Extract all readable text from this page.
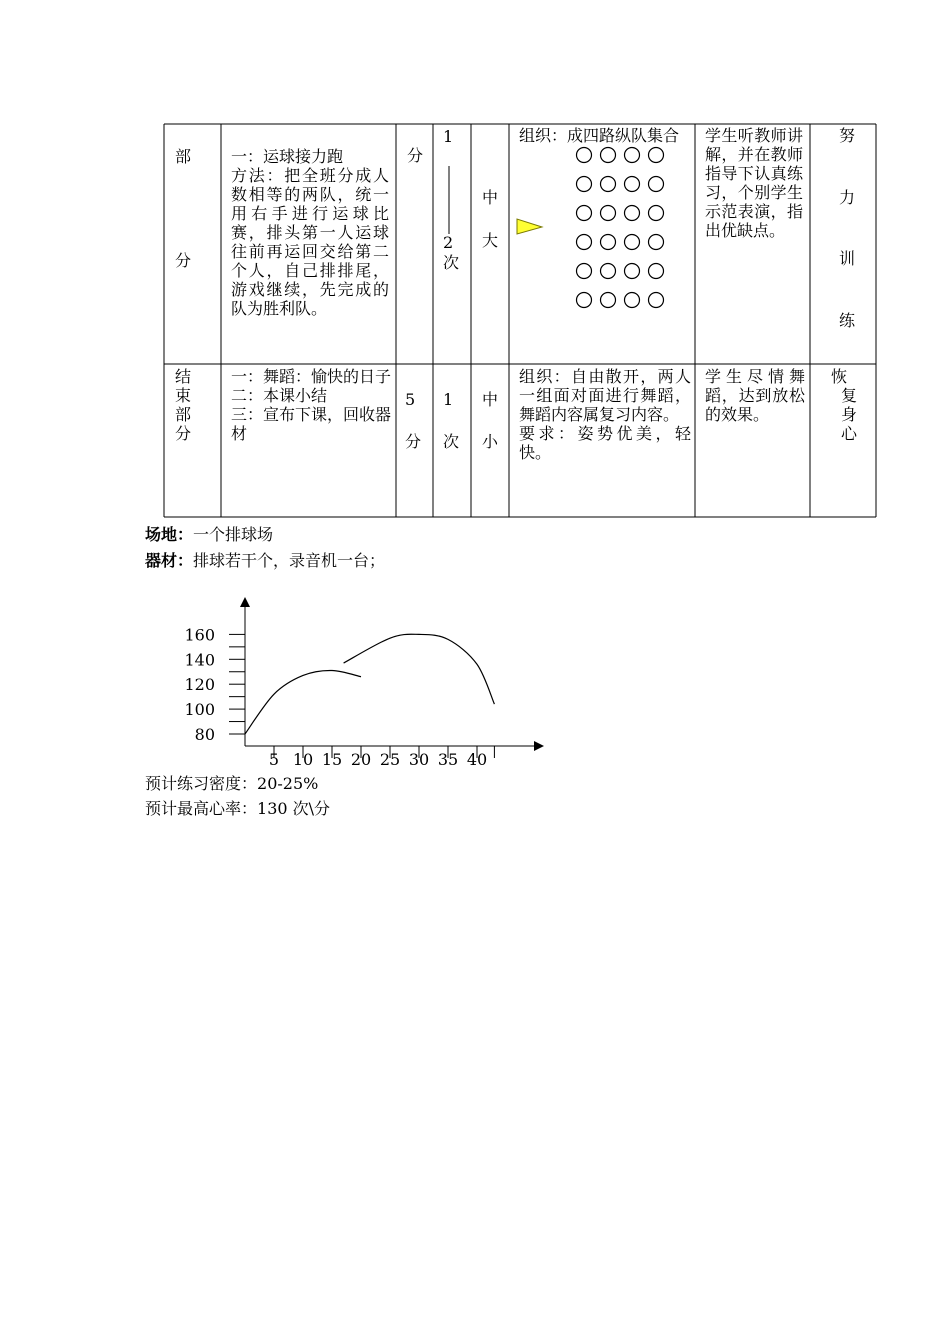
部
分
一：运球接力跑
方法：把全班分成人数相等的两队，统一用右手进行运球比赛，排头第一人运球往前再运回交给第二个人，自己排排尾，游戏继续，先完成的队为胜利队。
分
1
2
次
中
大
组织：成四路纵队集合	学生听教师讲解，并在教师指导下认真练习，个别学生示范表演，指出优缺点。
努
力
训
练
结束部分
一：舞蹈：愉快的日子
二：本课小结
三：宣布下课，回收器材
5
分
1
次
中
小
组织：自由散开，两人一组面对面进行舞蹈，舞蹈内容属复习内容。
要求：姿势优美，轻快。
学生尽情舞蹈，达到放松的效果。
恢
复身心
场地：一个排球场
器材：排球若干个，录音机一台；
80
100
120
140
160
5 10 15 20 25 30 35 40
预计练习密度：20-25%
预计最高心率：130 次\分
